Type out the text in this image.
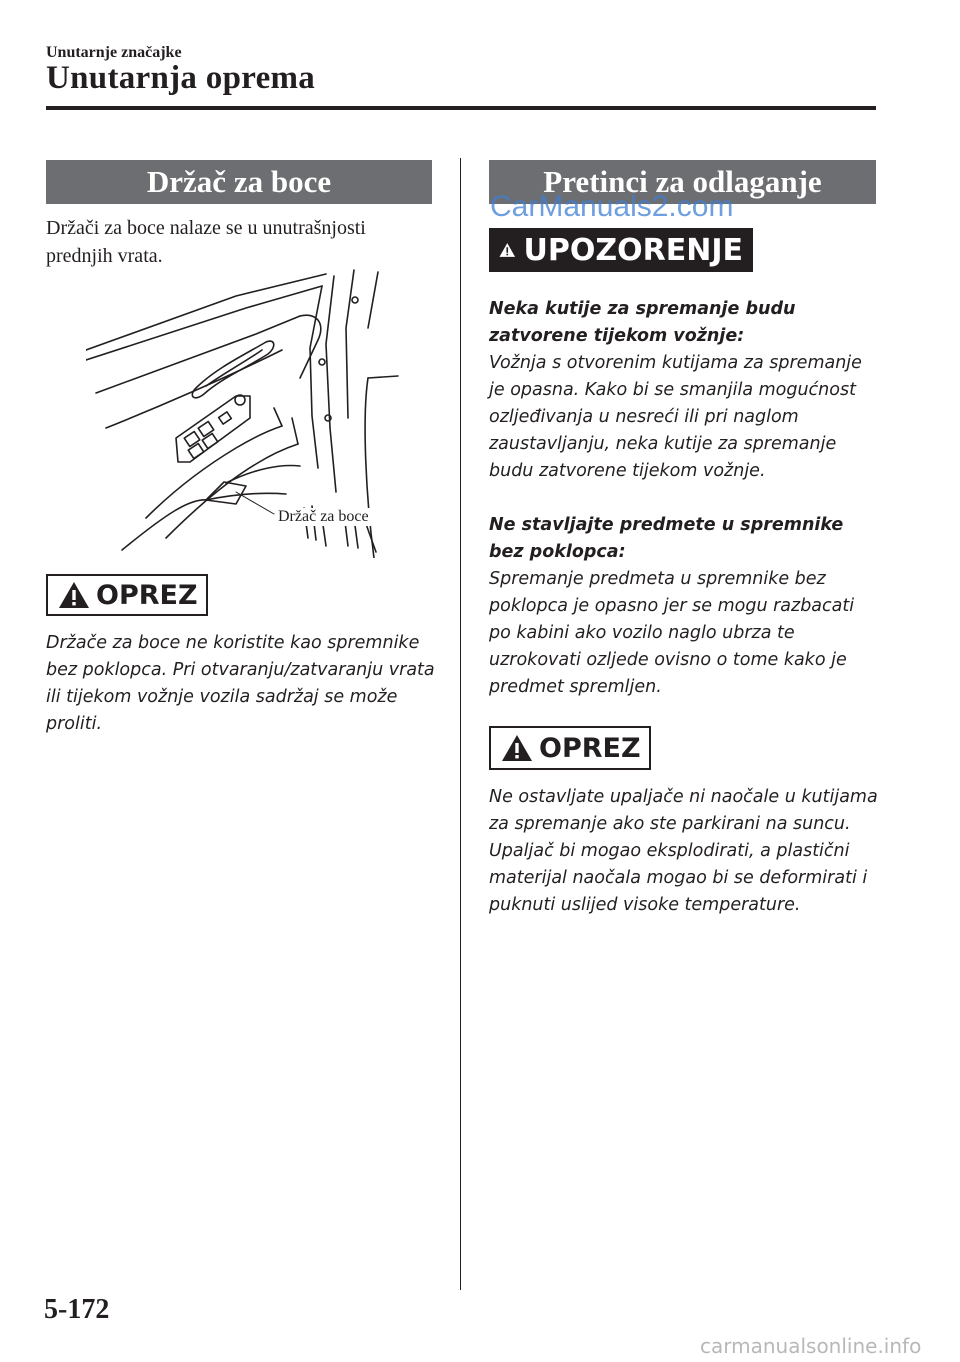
Unutarnje značajke
Unutarnja oprema
Držač za boce
Držači za boce nalaze se u unutrašnjosti prednjih vrata.
Držač za boce
OPREZ

Držače za boce ne koristite kao spremnike bez poklopca. Pri otvaranju/zatvaranju vrata ili tijekom vožnje vozila sadržaj se može proliti.

Pretinci za odlaganje
CarManuals2.com
UPOZORENJE

Neka kutije za spremanje budu zatvorene tijekom vožnje:

Vožnja s otvorenim kutijama za spremanje je opasna. Kako bi se smanjila mogućnost ozljeđivanja u nesreći ili pri naglom zaustavljanju, neka kutije za spremanje budu zatvorene tijekom vožnje.

Ne stavljajte predmete u spremnike bez poklopca:

Spremanje predmeta u spremnike bez poklopca je opasno jer se mogu razbacati po kabini ako vozilo naglo ubrza te uzrokovati ozljede ovisno o tome kako je predmet spremljen.

OPREZ

Ne ostavljate upaljače ni naočale u kutijama za spremanje ako ste parkirani na suncu. Upaljač bi mogao eksplodirati, a plastični materijal naočala mogao bi se deformirati i puknuti uslijed visoke temperature.

5-172
carmanualsonline.info
